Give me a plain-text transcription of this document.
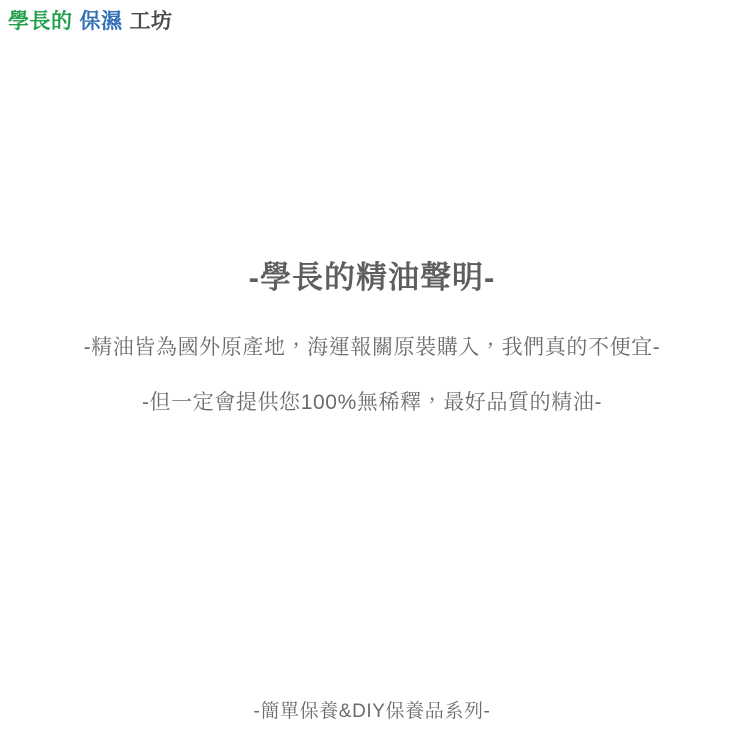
學長的 保濕 工坊
-學長的精油聲明-

-精油皆為國外原產地，海運報關原裝購入，我們真的不便宜-

-但一定會提供您100%無稀釋，最好品質的精油-

-簡單保養&DIY保養品系列-
